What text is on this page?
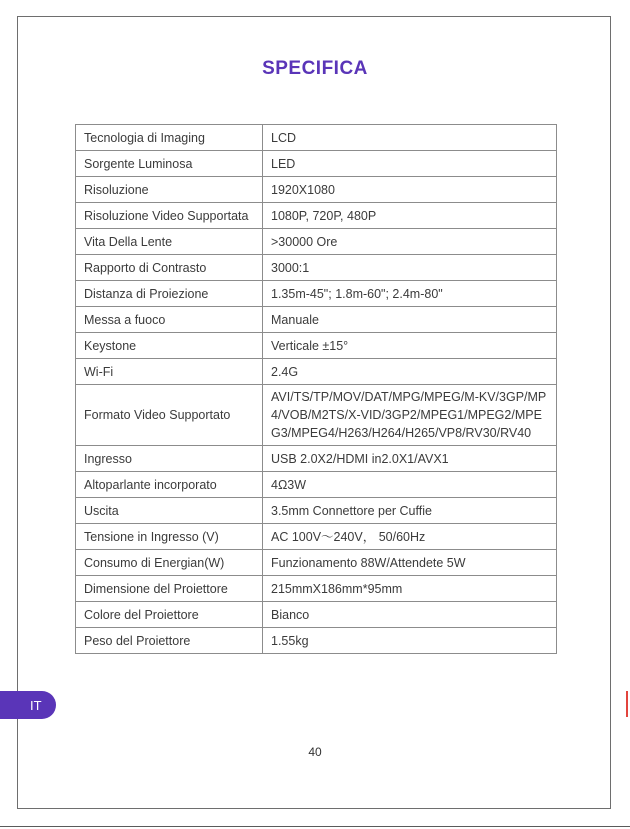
SPECIFICA
Tecnologia di Imaging	LCD
Sorgente Luminosa	LED
Risoluzione	1920X1080
Risoluzione Video Supportata	1080P, 720P, 480P
Vita Della Lente	>30000 Ore
Rapporto di Contrasto	3000:1
Distanza di Proiezione	1.35m-45"; 1.8m-60"; 2.4m-80"
Messa a fuoco	Manuale
Keystone	Verticale ±15°
Wi-Fi	2.4G
Formato Video Supportato	AVI/TS/TP/MOV/DAT/MPG/MPEG/M-KV/3GP/MP4/VOB/M2TS/X-VID/3GP2/MPEG1/MPEG2/MPEG3/MPEG4/H263/H264/H265/VP8/RV30/RV40
Ingresso	USB 2.0X2/HDMI in2.0X1/AVX1
Altoparlante incorporato	4Ω3W
Uscita	3.5mm Connettore per Cuffie
Tensione in Ingresso (V)	AC 100V～240V， 50/60Hz
Consumo di Energian(W)	Funzionamento 88W/Attendete 5W
Dimensione del Proiettore	215mmX186mm*95mm
Colore del Proiettore	Bianco
Peso del Proiettore	1.55kg
IT
40
